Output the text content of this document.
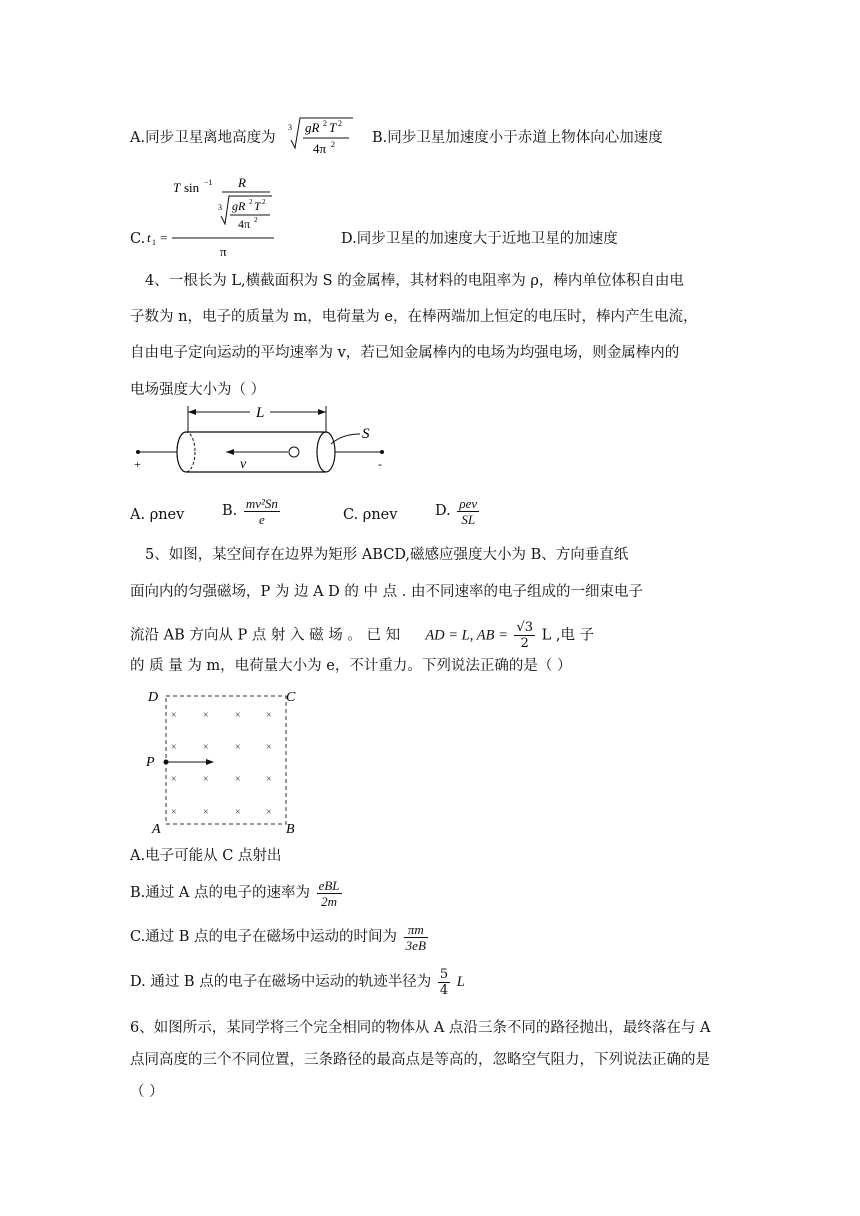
A.同步卫星离地高度为
3 gR 2 T 2
4π 2	B.同步卫星加速度小于赤道上物体向心加速度
C. t 1 =
T sin −1 R
3 gR 2 T 2
4π 2
π
D.同步卫星的加速度大于近地卫星的加速度
4、一根长为 L,横截面积为 S 的金属棒，其材料的电阻率为 ρ，棒内单位体积自由电
子数为 n，电子的质量为 m，电荷量为 e，在棒两端加上恒定的电压时，棒内产生电流，
自由电子定向运动的平均速率为 v，若已知金属棒内的电场为均强电场，则金属棒内的
电场强度大小为（ ）
L
+	-
S
v
A. ρnev	B. $\frac{\text{mv²Sn}}{e}$	C. ρnev	D. $\frac{\text{ρev}}{SL}$
5、如图，某空间存在边界为矩形 ABCD,磁感应强度大小为 B、方向垂直纸
面向内的匀强磁场，P 为 边 A D 的 中 点 . 由不同速率的电子组成的一细束电子
流沿 AB 方向从 P 点 射 入 磁 场 。 已 知 AD = L, AB = $\frac{√3}{2}$ L ,电 子
的 质 量 为 m，电荷量大小为 e，不计重力。下列说法正确的是（ ）
D	C
P
A	B
×	×	×	×
×	×	×	×
×	×	×	×
×	×	×	×
A.电子可能从 C 点射出
B.通过 A 点的电子的速率为 $\frac{\text{eBL}}{2m}$
C.通过 B 点的电子在磁场中运动的时间为 $\frac{\pi m}{3eB}$
D. 通过 B 点的电子在磁场中运动的轨迹半径为 $\frac{5}{4}$ L
6、如图所示，某同学将三个完全相同的物体从 A 点沿三条不同的路径抛出，最终落在与 A
点同高度的三个不同位置，三条路径的最高点是等高的，忽略空气阻力，下列说法正确的是
（ ）
